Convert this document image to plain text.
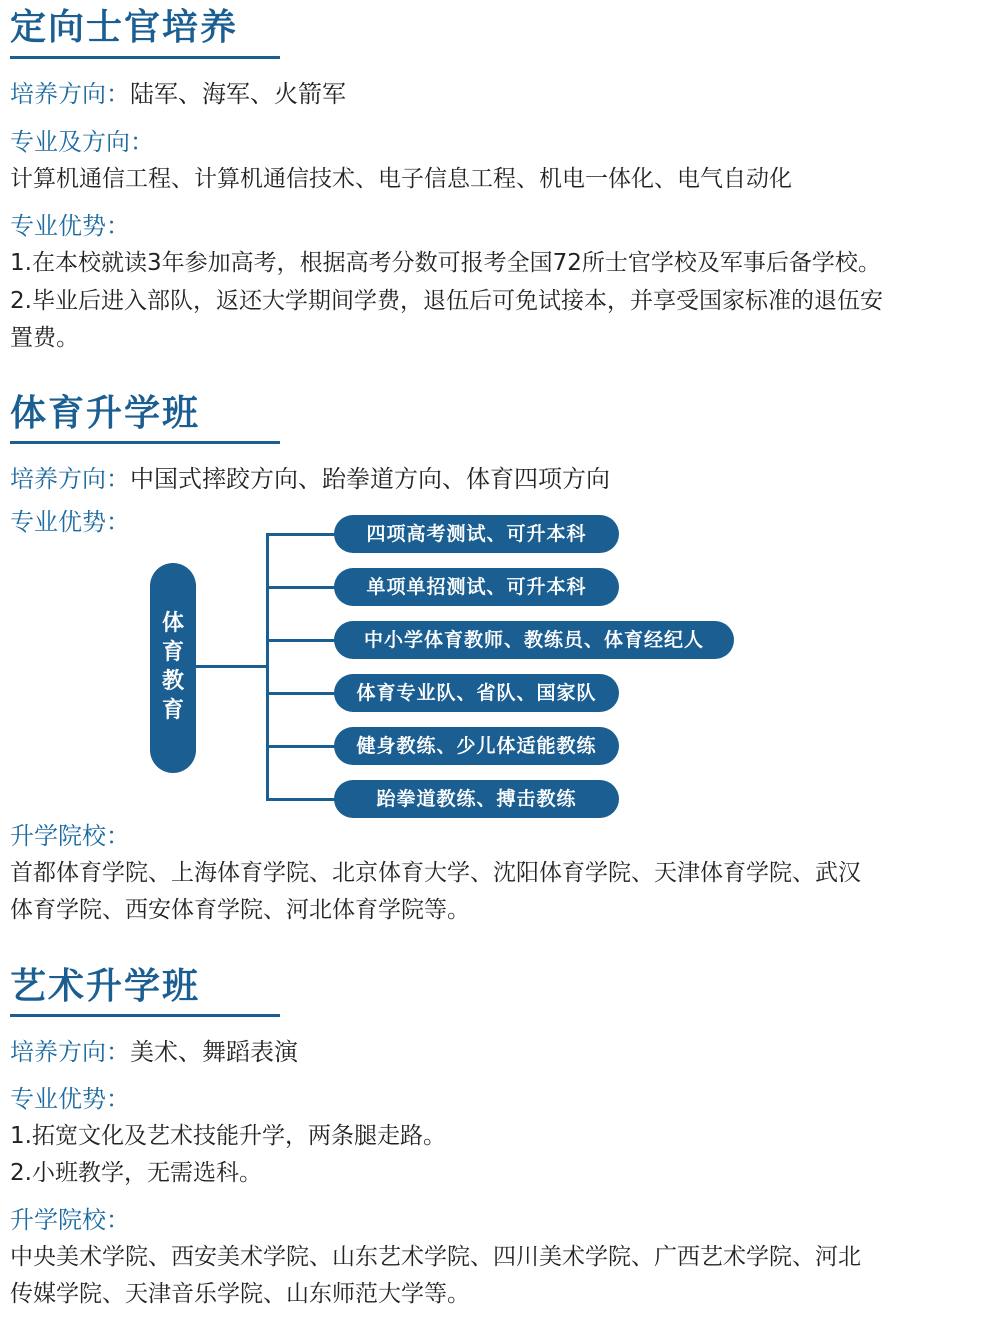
定向士官培养
培养方向：陆军、海军、火箭军
专业及方向：
计算机通信工程、计算机通信技术、电子信息工程、机电一体化、电气自动化
专业优势：
1.在本校就读3年参加高考，根据高考分数可报考全国72所士官学校及军事后备学校。
2.毕业后进入部队，返还大学期间学费，退伍后可免试接本，并享受国家标准的退伍安
置费。
体育升学班
培养方向：中国式摔跤方向、跆拳道方向、体育四项方向
专业优势：
体
育
教
育
四项高考测试、可升本科
单项单招测试、可升本科
中小学体育教师、教练员、体育经纪人
体育专业队、省队、国家队
健身教练、少儿体适能教练
跆拳道教练、搏击教练
升学院校：
首都体育学院、上海体育学院、北京体育大学、沈阳体育学院、天津体育学院、武汉
体育学院、西安体育学院、河北体育学院等。
艺术升学班
培养方向：美术、舞蹈表演
专业优势：
1.拓宽文化及艺术技能升学，两条腿走路。
2.小班教学，无需选科。
升学院校：
中央美术学院、西安美术学院、山东艺术学院、四川美术学院、广西艺术学院、河北
传媒学院、天津音乐学院、山东师范大学等。
